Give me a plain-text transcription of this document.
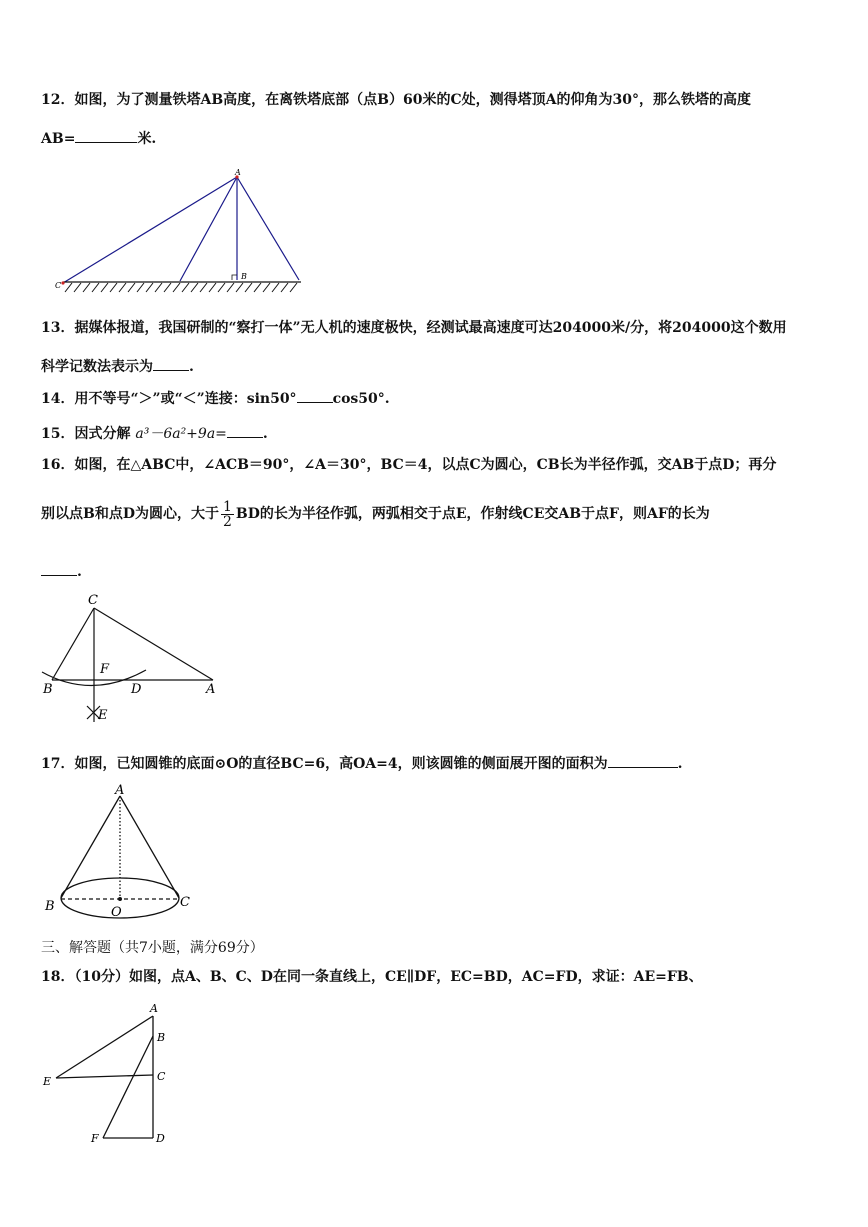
12．如图，为了测量铁塔AB高度，在离铁塔底部（点B）60米的C处，测得塔顶A的仰角为30°，那么铁塔的高度
AB=	米.
A
B
C
13．据媒体报道，我国研制的“察打一体”无人机的速度极快，经测试最高速度可达204000米/分，将204000这个数用
科学记数法表示为	.
14．用不等号“＞”或“＜”连接：sin50°	cos50°.
15．因式分解 a³－6a²+9a=	.
16．如图，在△ABC中，∠ACB＝90°，∠A＝30°，BC＝4，以点C为圆心，CB长为半径作弧，交AB于点D；再分
别以点B和点D为圆心，大于 $\frac{1}{2}$ BD的长为半径作弧，两弧相交于点E，作射线CE交AB于点F，则AF的长为
.
C
F
B	D	A
E
17．如图，已知圆锥的底面⊙O的直径BC=6，高OA=4，则该圆锥的侧面展开图的面积为	.
A
B	O
C
三、解答题（共7小题，满分69分）
18．（10分）如图，点A、B、C、D在同一条直线上，CE∥DF，EC=BD，AC=FD，求证：AE=FB、
A
B
C
E
F	D
